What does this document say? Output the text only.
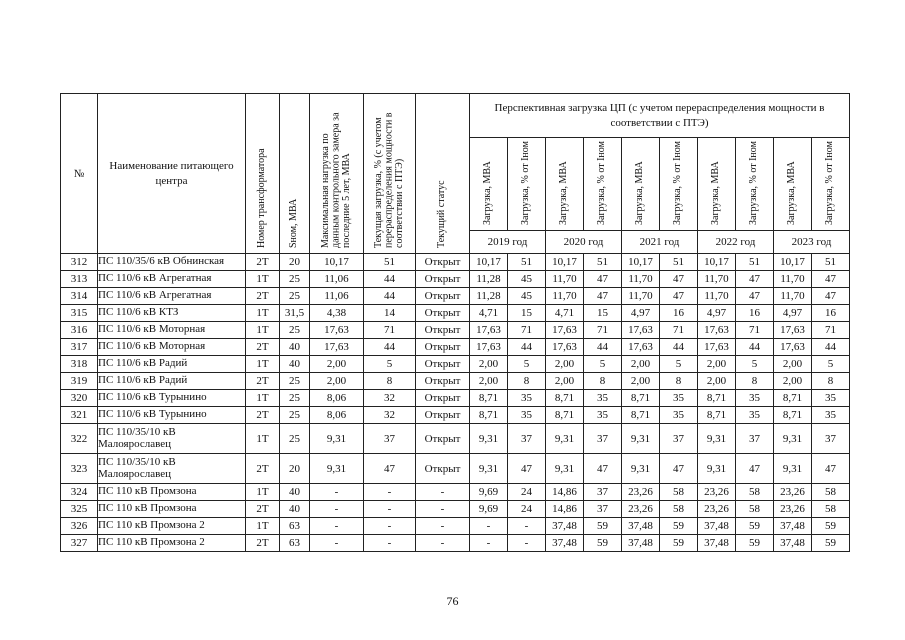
№	Наименование питающего центра	Номер трансформатора	Sном, МВА	Максимальная нагрузка по данным контрольного замера за последние 5 лет, МВА	Текущая загрузка, % (с учетом перераспределения мощности в соответствии с ПТЭ)	Текущий статус	Перспективная загрузка ЦП (с учетом перераспределения мощности в соответствии с ПТЭ)									
							Загрузка, МВА	Загрузка, % от Iном	Загрузка, МВА	Загрузка, % от Iном	Загрузка, МВА	Загрузка, % от Iном	Загрузка, МВА	Загрузка, % от Iном	Загрузка, МВА	Загрузка, % от Iном
							2019 год		2020 год		2021 год		2022 год		2023 год	
312	ПС 110/35/6 кВ Обнинская	2Т	20	10,17	51	Открыт	10,17	51	10,17	51	10,17	51	10,17	51	10,17	51
313	ПС 110/6 кВ Агрегатная	1Т	25	11,06	44	Открыт	11,28	45	11,70	47	11,70	47	11,70	47	11,70	47
314	ПС 110/6 кВ Агрегатная	2Т	25	11,06	44	Открыт	11,28	45	11,70	47	11,70	47	11,70	47	11,70	47
315	ПС 110/6 кВ КТЗ	1Т	31,5	4,38	14	Открыт	4,71	15	4,71	15	4,97	16	4,97	16	4,97	16
316	ПС 110/6 кВ Моторная	1Т	25	17,63	71	Открыт	17,63	71	17,63	71	17,63	71	17,63	71	17,63	71
317	ПС 110/6 кВ Моторная	2Т	40	17,63	44	Открыт	17,63	44	17,63	44	17,63	44	17,63	44	17,63	44
318	ПС 110/6 кВ Радий	1Т	40	2,00	5	Открыт	2,00	5	2,00	5	2,00	5	2,00	5	2,00	5
319	ПС 110/6 кВ Радий	2Т	25	2,00	8	Открыт	2,00	8	2,00	8	2,00	8	2,00	8	2,00	8
320	ПС 110/6 кВ Турынино	1Т	25	8,06	32	Открыт	8,71	35	8,71	35	8,71	35	8,71	35	8,71	35
321	ПС 110/6 кВ Турынино	2Т	25	8,06	32	Открыт	8,71	35	8,71	35	8,71	35	8,71	35	8,71	35
322	ПС 110/35/10 кВ Малоярославец	1Т	25	9,31	37	Открыт	9,31	37	9,31	37	9,31	37	9,31	37	9,31	37
323	ПС 110/35/10 кВ Малоярославец	2Т	20	9,31	47	Открыт	9,31	47	9,31	47	9,31	47	9,31	47	9,31	47
324	ПС 110 кВ Промзона	1Т	40	-	-	-	9,69	24	14,86	37	23,26	58	23,26	58	23,26	58
325	ПС 110 кВ Промзона	2Т	40	-	-	-	9,69	24	14,86	37	23,26	58	23,26	58	23,26	58
326	ПС 110 кВ Промзона 2	1Т	63	-	-	-	-	-	37,48	59	37,48	59	37,48	59	37,48	59
327	ПС 110 кВ Промзона 2	2Т	63	-	-	-	-	-	37,48	59	37,48	59	37,48	59	37,48	59
76
